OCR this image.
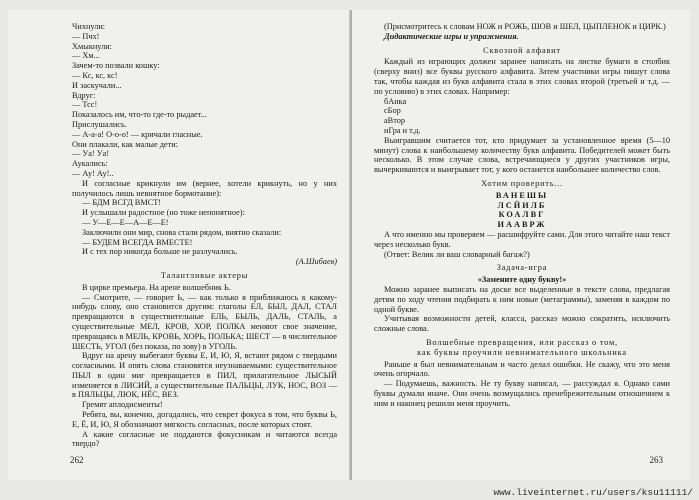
Чихнули:

— Пчх!

Хмыкнули:

— Хм...

Зачем-то позвали кошку:

— Кс, кс, кс!

И заскучали...

Вдруг:

— Тсс!

Показалось им, что-то где-то рыдает...

Прислушались.

— А-а-а! О-о-о! — кричали гласные.

Они плакали, как малые дети:

— Уа! Уа!

Аукались:

— Ау! Ау!..

И согласные крикнули им (вернее, хотели крикнуть, но у них получилось лишь невнятное бормотание):

— БДМ ВСГД ВМСТ!

И услышали радостное (но тоже непонятное):

— У—Е—Е—А—Е—Е!

Заключили они мир, снова стали рядом, внятно сказали:

— БУДЕМ ВСЕГДА ВМЕСТЕ!

И с тех пор никогда больше не разлучались.

(А.Шибаев)

Талантливые актеры

В цирке премьера. На арене волшебник Ь.

— Смотрите, — говорит Ь, — как только я приближаюсь к какому-нибудь слову, оно становится другим: глаголы ЕЛ, БЫЛ, ДАЛ, СТАЛ превращаются в существительные ЕЛЬ, БЫЛЬ, ДАЛЬ, СТАЛЬ, а существительные МЕЛ, КРОВ, ХОР, ПОЛКА меняют свое значение, превращаясь в МЕЛЬ, КРОВЬ, ХОРЬ, ПОЛЬКА; ШЕСТ — в числительное ШЕСТЬ, УГОЛ (без показа, по зову) в УГОЛЬ.

Вдруг на арену выбегают буквы Е, И, Ю, Я, встают рядом с твердыми согласными. И опять слова становятся неузнаваемыми: существительное ПЫЛ в один миг превращается в ПИЛ, прилагательное ЛЫСЫЙ изменяется в ЛИСИЙ, а существительные ПАЛЬЦЫ, ЛУК, НОС, ВОЗ — в ПЯЛЬЦЫ, ЛЮК, НЁС, ВЕЗ.

Гремят аплодисменты!

Ребята, вы, конечно, догадались, что секрет фокуса в том, что буквы Ь, Е, Ё, И, Ю, Я обозначают мягкость согласных, после которых стоят.

А какие согласные не поддаются фокусникам и читаются всегда твердо?

262

(Присмотритесь к словам НОЖ и РОЖЬ, ШОВ и ШЕЛ, ЦЫПЛЕНОК и ЦИРК.)

Дидактические игры и упражнения.

Сквозной алфавит

Каждый из играющих должен заранее написать на листке бумаги в столбик (сверху вниз) все буквы русского алфавита. Затем участники игры пишут слова так, чтобы каждая из букв алфавита стала в этих словах второй (третьей и т.д. — по условию) в этих словах. Например:

бАнка

сБор

аВтор

иГра и т.д.

Выигравшим считается тот, кто придумает за установленное время (5—10 минут) слова к наибольшему количеству букв алфавита. Победителей может быть несколько. В этом случае слова, встречающиеся у других участников игры, вычеркиваются и выигрывает тот, у кого останется наибольшее количество слов.

Хотим проверить...
ВАНЕШЫ
ЛСЙИЛБ
КОАЛВГ
ИААВРЖ

А что именно мы проверяем — расшифруйте сами. Для этого читайте наш текст через несколько букв.

(Ответ: Велик ли ваш словарный багаж?)

Задача-игра

«Замените одну букву!»

Можно заранее выписать на доске все выделенные в тексте слова, предлагая детям по ходу чтения подбирать к ним новые (метаграммы), заменяя в каждом по одной букве.

Учитывая возможности детей, класса, рассказ можно сократить, исключить сложные слова.

Волшебные превращения, или рассказ о том,
как буквы проучили невнимательного школьника

Раньше я был невнимательным и часто делал ошибки. Не скажу, что это меня очень огорчало.

— Подумаешь, важность. Не ту букву написал, — рассуждал я. Однако сами буквы думали иначе. Они очень возмущались пренебрежительным отношением к ним и наконец решили меня проучить.

263
www.liveinternet.ru/users/ksu11111/
